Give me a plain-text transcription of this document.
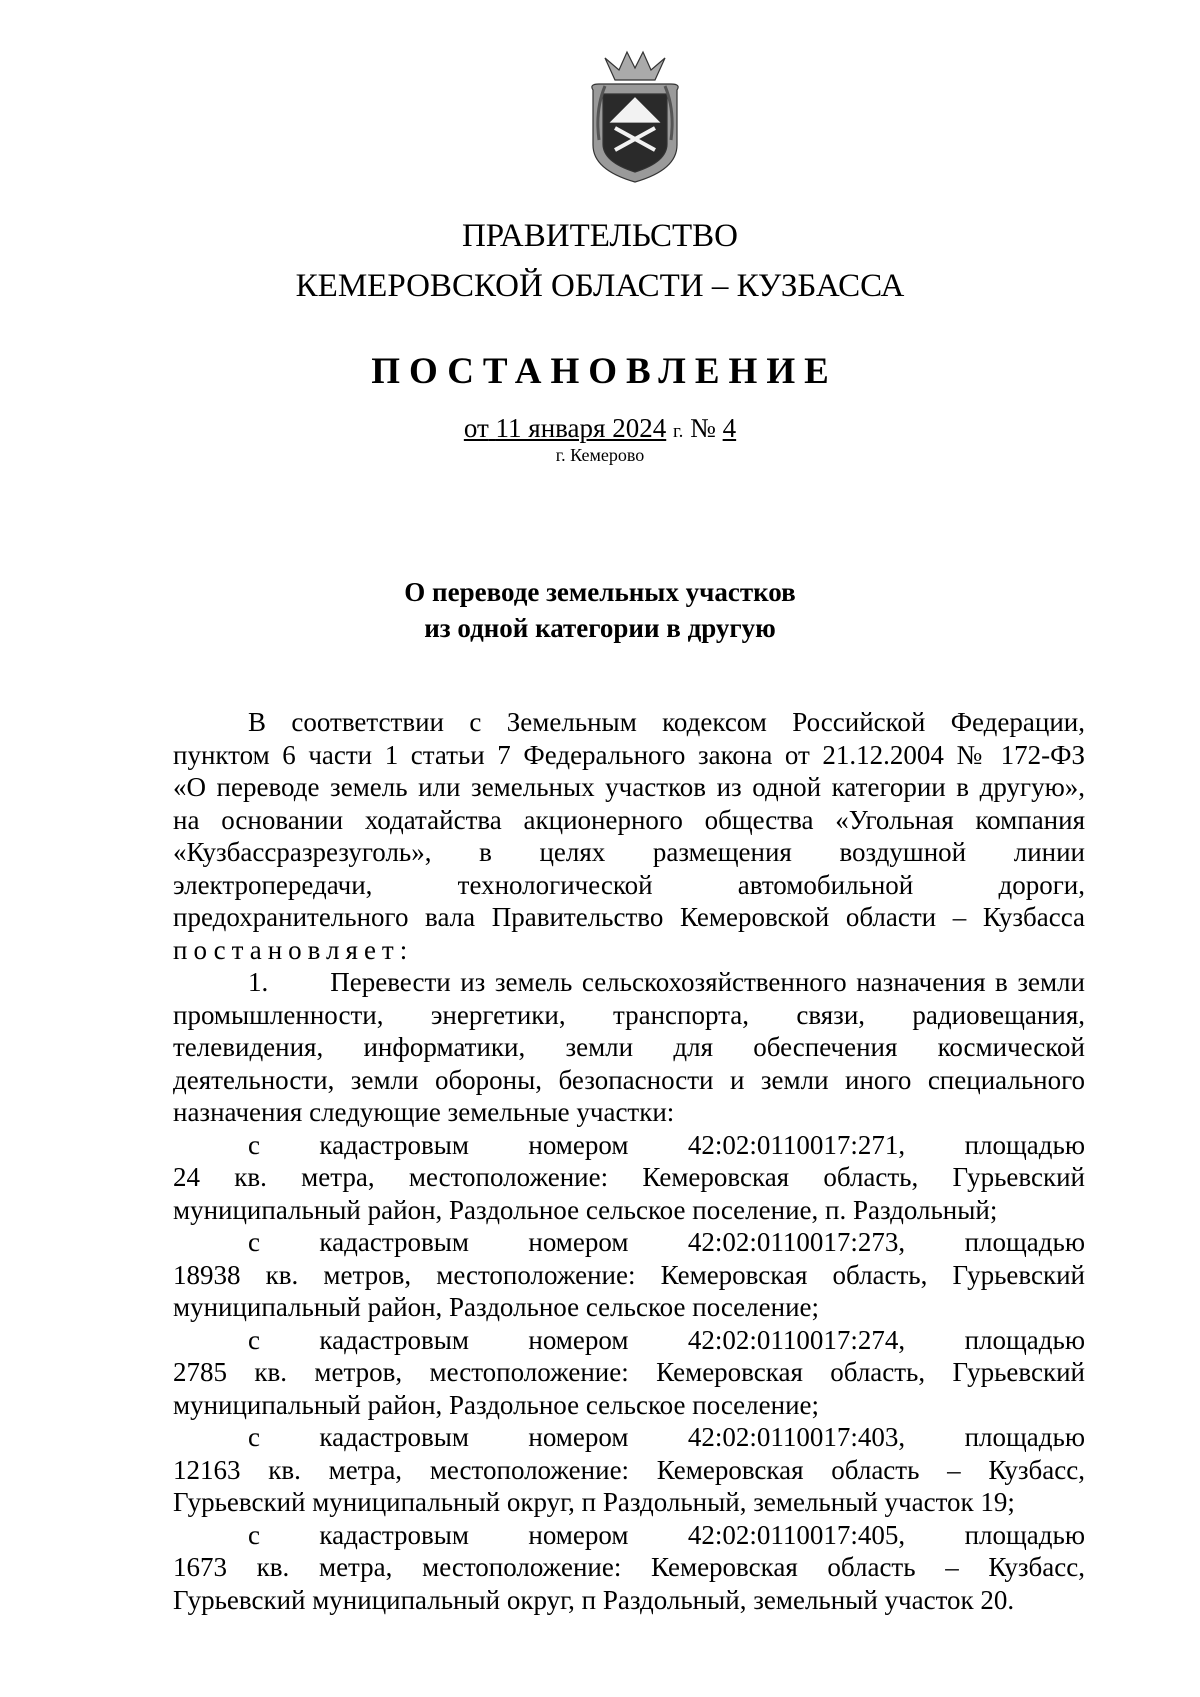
ПРАВИТЕЛЬСТВО
КЕМЕРОВСКОЙ ОБЛАСТИ – КУЗБАССА
ПОСТАНОВЛЕНИЕ
от 11 января 2024 г. № 4
г. Кемерово
О переводе земельных участков
из одной категории в другую
В соответствии с Земельным кодексом Российской Федерации,
пунктом 6 части 1 статьи 7 Федерального закона от 21.12.2004 № 172-ФЗ
«О переводе земель или земельных участков из одной категории в другую»,
на основании ходатайства акционерного общества «Угольная компания
«Кузбассразрезуголь», в целях размещения воздушной линии
электропередачи, технологической автомобильной дороги,
предохранительного вала Правительство Кемеровской области – Кузбасса
постановляет:
1. Перевести из земель сельскохозяйственного назначения в земли
промышленности, энергетики, транспорта, связи, радиовещания,
телевидения, информатики, земли для обеспечения космической
деятельности, земли обороны, безопасности и земли иного специального
назначения следующие земельные участки:
с кадастровым номером 42:02:0110017:271, площадью
24 кв. метра, местоположение: Кемеровская область, Гурьевский
муниципальный район, Раздольное сельское поселение, п. Раздольный;
с кадастровым номером 42:02:0110017:273, площадью
18938 кв. метров, местоположение: Кемеровская область, Гурьевский
муниципальный район, Раздольное сельское поселение;
с кадастровым номером 42:02:0110017:274, площадью
2785 кв. метров, местоположение: Кемеровская область, Гурьевский
муниципальный район, Раздольное сельское поселение;
с кадастровым номером 42:02:0110017:403, площадью
12163 кв. метра, местоположение: Кемеровская область – Кузбасс,
Гурьевский муниципальный округ, п Раздольный, земельный участок 19;
с кадастровым номером 42:02:0110017:405, площадью
1673 кв. метра, местоположение: Кемеровская область – Кузбасс,
Гурьевский муниципальный округ, п Раздольный, земельный участок 20.
